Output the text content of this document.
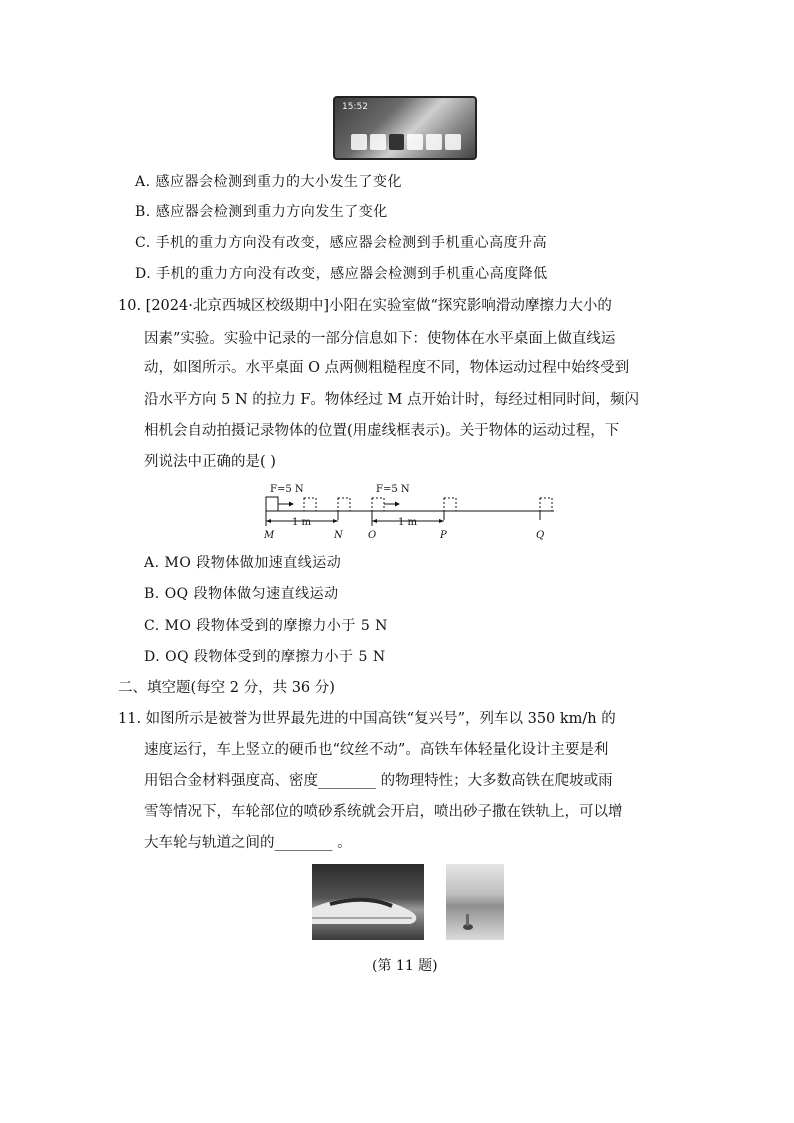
15:52
A. 感应器会检测到重力的大小发生了变化
B. 感应器会检测到重力方向发生了变化
C. 手机的重力方向没有改变，感应器会检测到手机重心高度升高
D. 手机的重力方向没有改变，感应器会检测到手机重心高度降低
10. [2024·北京西城区校级期中]小阳在实验室做“探究影响滑动摩擦力大小的
因素”实验。实验中记录的一部分信息如下：使物体在水平桌面上做直线运
动，如图所示。水平桌面 O 点两侧粗糙程度不同，物体运动过程中始终受到
沿水平方向 5 N 的拉力 F。物体经过 M 点开始计时，每经过相同时间，频闪
相机会自动拍摄记录物体的位置(用虚线框表示)。关于物体的运动过程，下
列说法中正确的是( )
F=5 N	F=5 N
1 m	1 m
M	N	O	P	Q
A. MO 段物体做加速直线运动
B. OQ 段物体做匀速直线运动
C. MO 段物体受到的摩擦力小于 5 N
D. OQ 段物体受到的摩擦力小于 5 N
二、填空题(每空 2 分，共 36 分)
11. 如图所示是被誉为世界最先进的中国高铁“复兴号”，列车以 350 km/h 的
速度运行，车上竖立的硬币也“纹丝不动”。高铁车体轻量化设计主要是利
用铝合金材料强度高、密度________ 的物理特性；大多数高铁在爬坡或雨
雪等情况下，车轮部位的喷砂系统就会开启，喷出砂子撒在铁轨上，可以增
大车轮与轨道之间的________ 。
(第 11 题)
